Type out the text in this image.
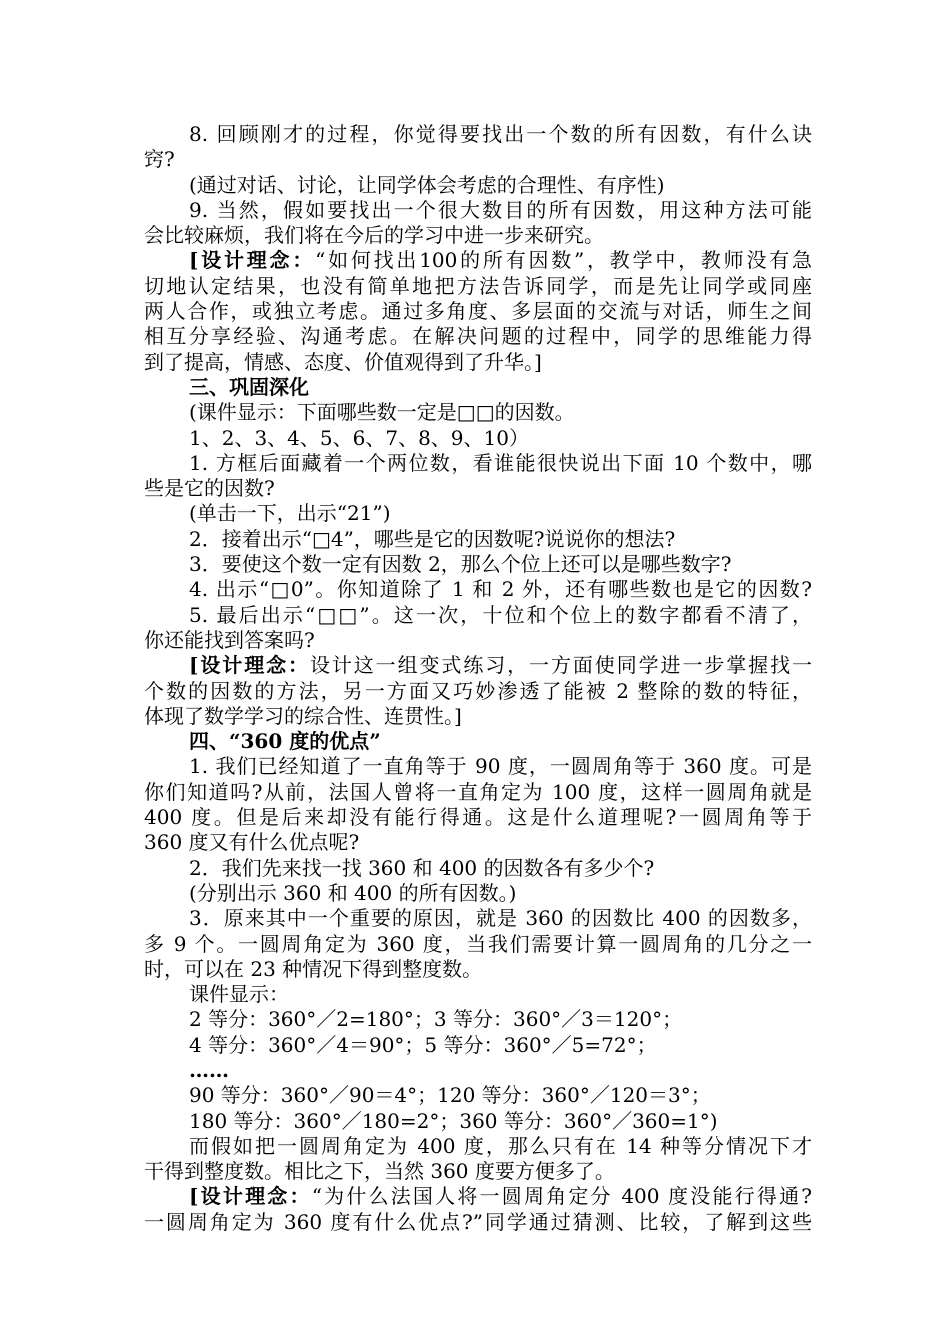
8. 回顾刚才的过程，你觉得要找出一个数的所有因数，有什么诀

窍?

(通过对话、讨论，让同学体会考虑的合理性、有序性)

9. 当然，假如要找出一个很大数目的所有因数，用这种方法可能

会比较麻烦，我们将在今后的学习中进一步来研究。

[设计理念：“如何找出100的所有因数”，教学中，教师没有急

切地认定结果，也没有简单地把方法告诉同学，而是先让同学或同座

两人合作，或独立考虑。通过多角度、多层面的交流与对话，师生之间

相互分享经验、沟通考虑。在解决问题的过程中，同学的思维能力得

到了提高，情感、态度、价值观得到了升华。]

三、巩固深化

(课件显示：下面哪些数一定是□□的因数。

1、2、3、4、5、6、7、8、9、10）

1. 方框后面藏着一个两位数，看谁能很快说出下面 10 个数中，哪

些是它的因数?

(单击一下，出示“21”)

2．接着出示“□4”，哪些是它的因数呢?说说你的想法?

3．要使这个数一定有因数 2，那么个位上还可以是哪些数字?

4. 出示“□0”。你知道除了 1 和 2 外，还有哪些数也是它的因数?

5. 最后出示“□□”。这一次，十位和个位上的数字都看不清了，

你还能找到答案吗?

[设计理念：设计这一组变式练习，一方面使同学进一步掌握找一

个数的因数的方法，另一方面又巧妙渗透了能被 2 整除的数的特征，

体现了数学学习的综合性、连贯性。]

四、“360 度的优点”

1. 我们已经知道了一直角等于 90 度，一圆周角等于 360 度。可是

你们知道吗?从前，法国人曾将一直角定为 100 度，这样一圆周角就是

400 度。但是后来却没有能行得通。这是什么道理呢?一圆周角等于

360 度又有什么优点呢?

2．我们先来找一找 360 和 400 的因数各有多少个?

(分别出示 360 和 400 的所有因数。)

3．原来其中一个重要的原因，就是 360 的因数比 400 的因数多，

多 9 个。一圆周角定为 360 度，当我们需要计算一圆周角的几分之一

时，可以在 23 种情况下得到整度数。

课件显示：

2 等分：360°／2=180°；3 等分：360°／3＝120°；

4 等分：360°／4＝90°；5 等分：360°／5=72°；

……

90 等分：360°／90＝4°；120 等分：360°／120＝3°；

180 等分：360°／180=2°；360 等分：360°／360=1°)

而假如把一圆周角定为 400 度，那么只有在 14 种等分情况下才

干得到整度数。相比之下，当然 360 度要方便多了。

[设计理念：“为什么法国人将一圆周角定分 400 度没能行得通?

一圆周角定为 360 度有什么优点?”同学通过猜测、比较，了解到这些
